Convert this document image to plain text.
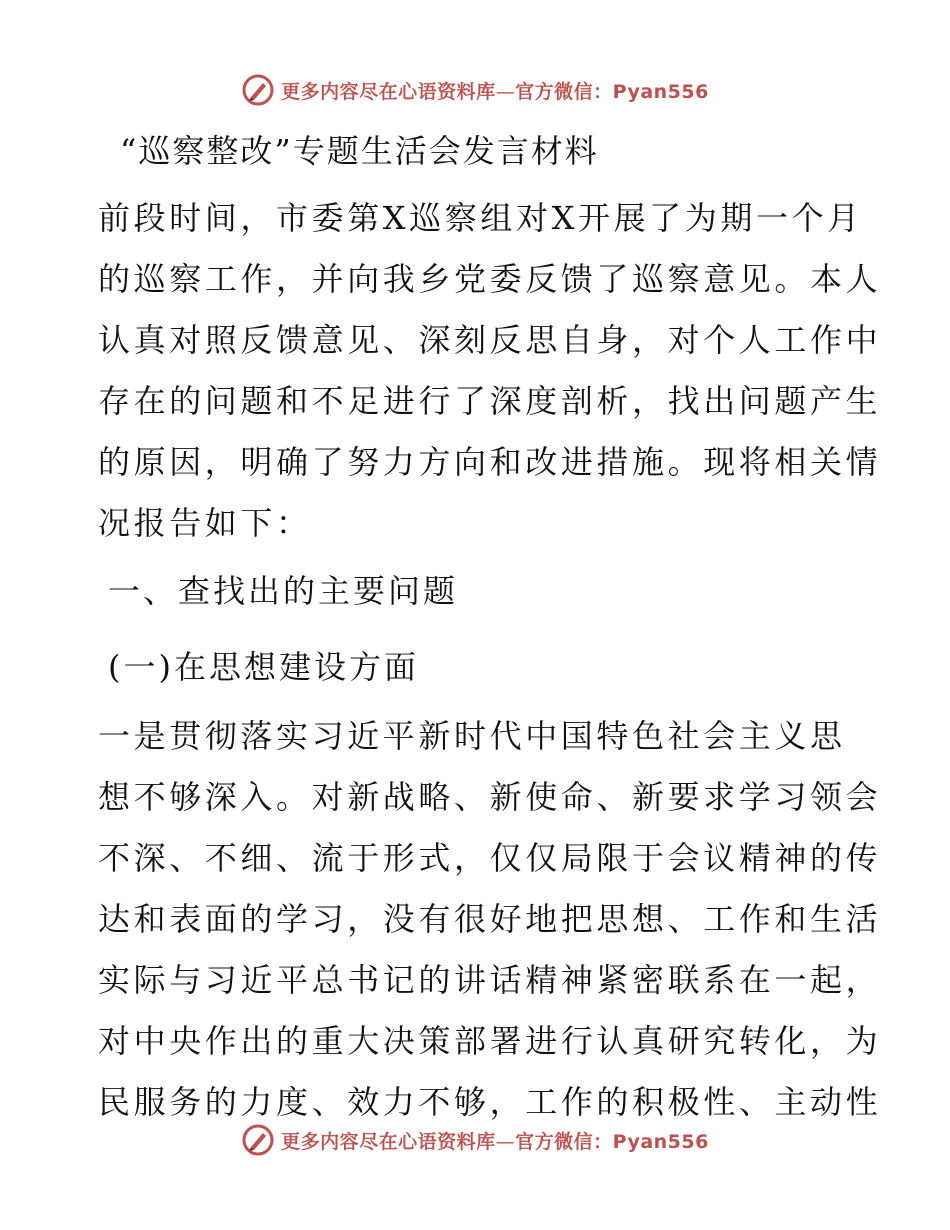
更多内容尽在心语资料库—官方微信：Pyan556
“巡察整改”专题生活会发言材料
前段时间，市委第X巡察组对X开展了为期一个月
的巡察工作，并向我乡党委反馈了巡察意见。本人
认真对照反馈意见、深刻反思自身，对个人工作中
存在的问题和不足进行了深度剖析，找出问题产生
的原因，明确了努力方向和改进措施。现将相关情
况报告如下：
一、查找出的主要问题
(一)在思想建设方面
一是贯彻落实习近平新时代中国特色社会主义思
想不够深入。对新战略、新使命、新要求学习领会
不深、不细、流于形式，仅仅局限于会议精神的传
达和表面的学习，没有很好地把思想、工作和生活
实际与习近平总书记的讲话精神紧密联系在一起，
对中央作出的重大决策部署进行认真研究转化，为
民服务的力度、效力不够，工作的积极性、主动性
更多内容尽在心语资料库—官方微信：Pyan556
